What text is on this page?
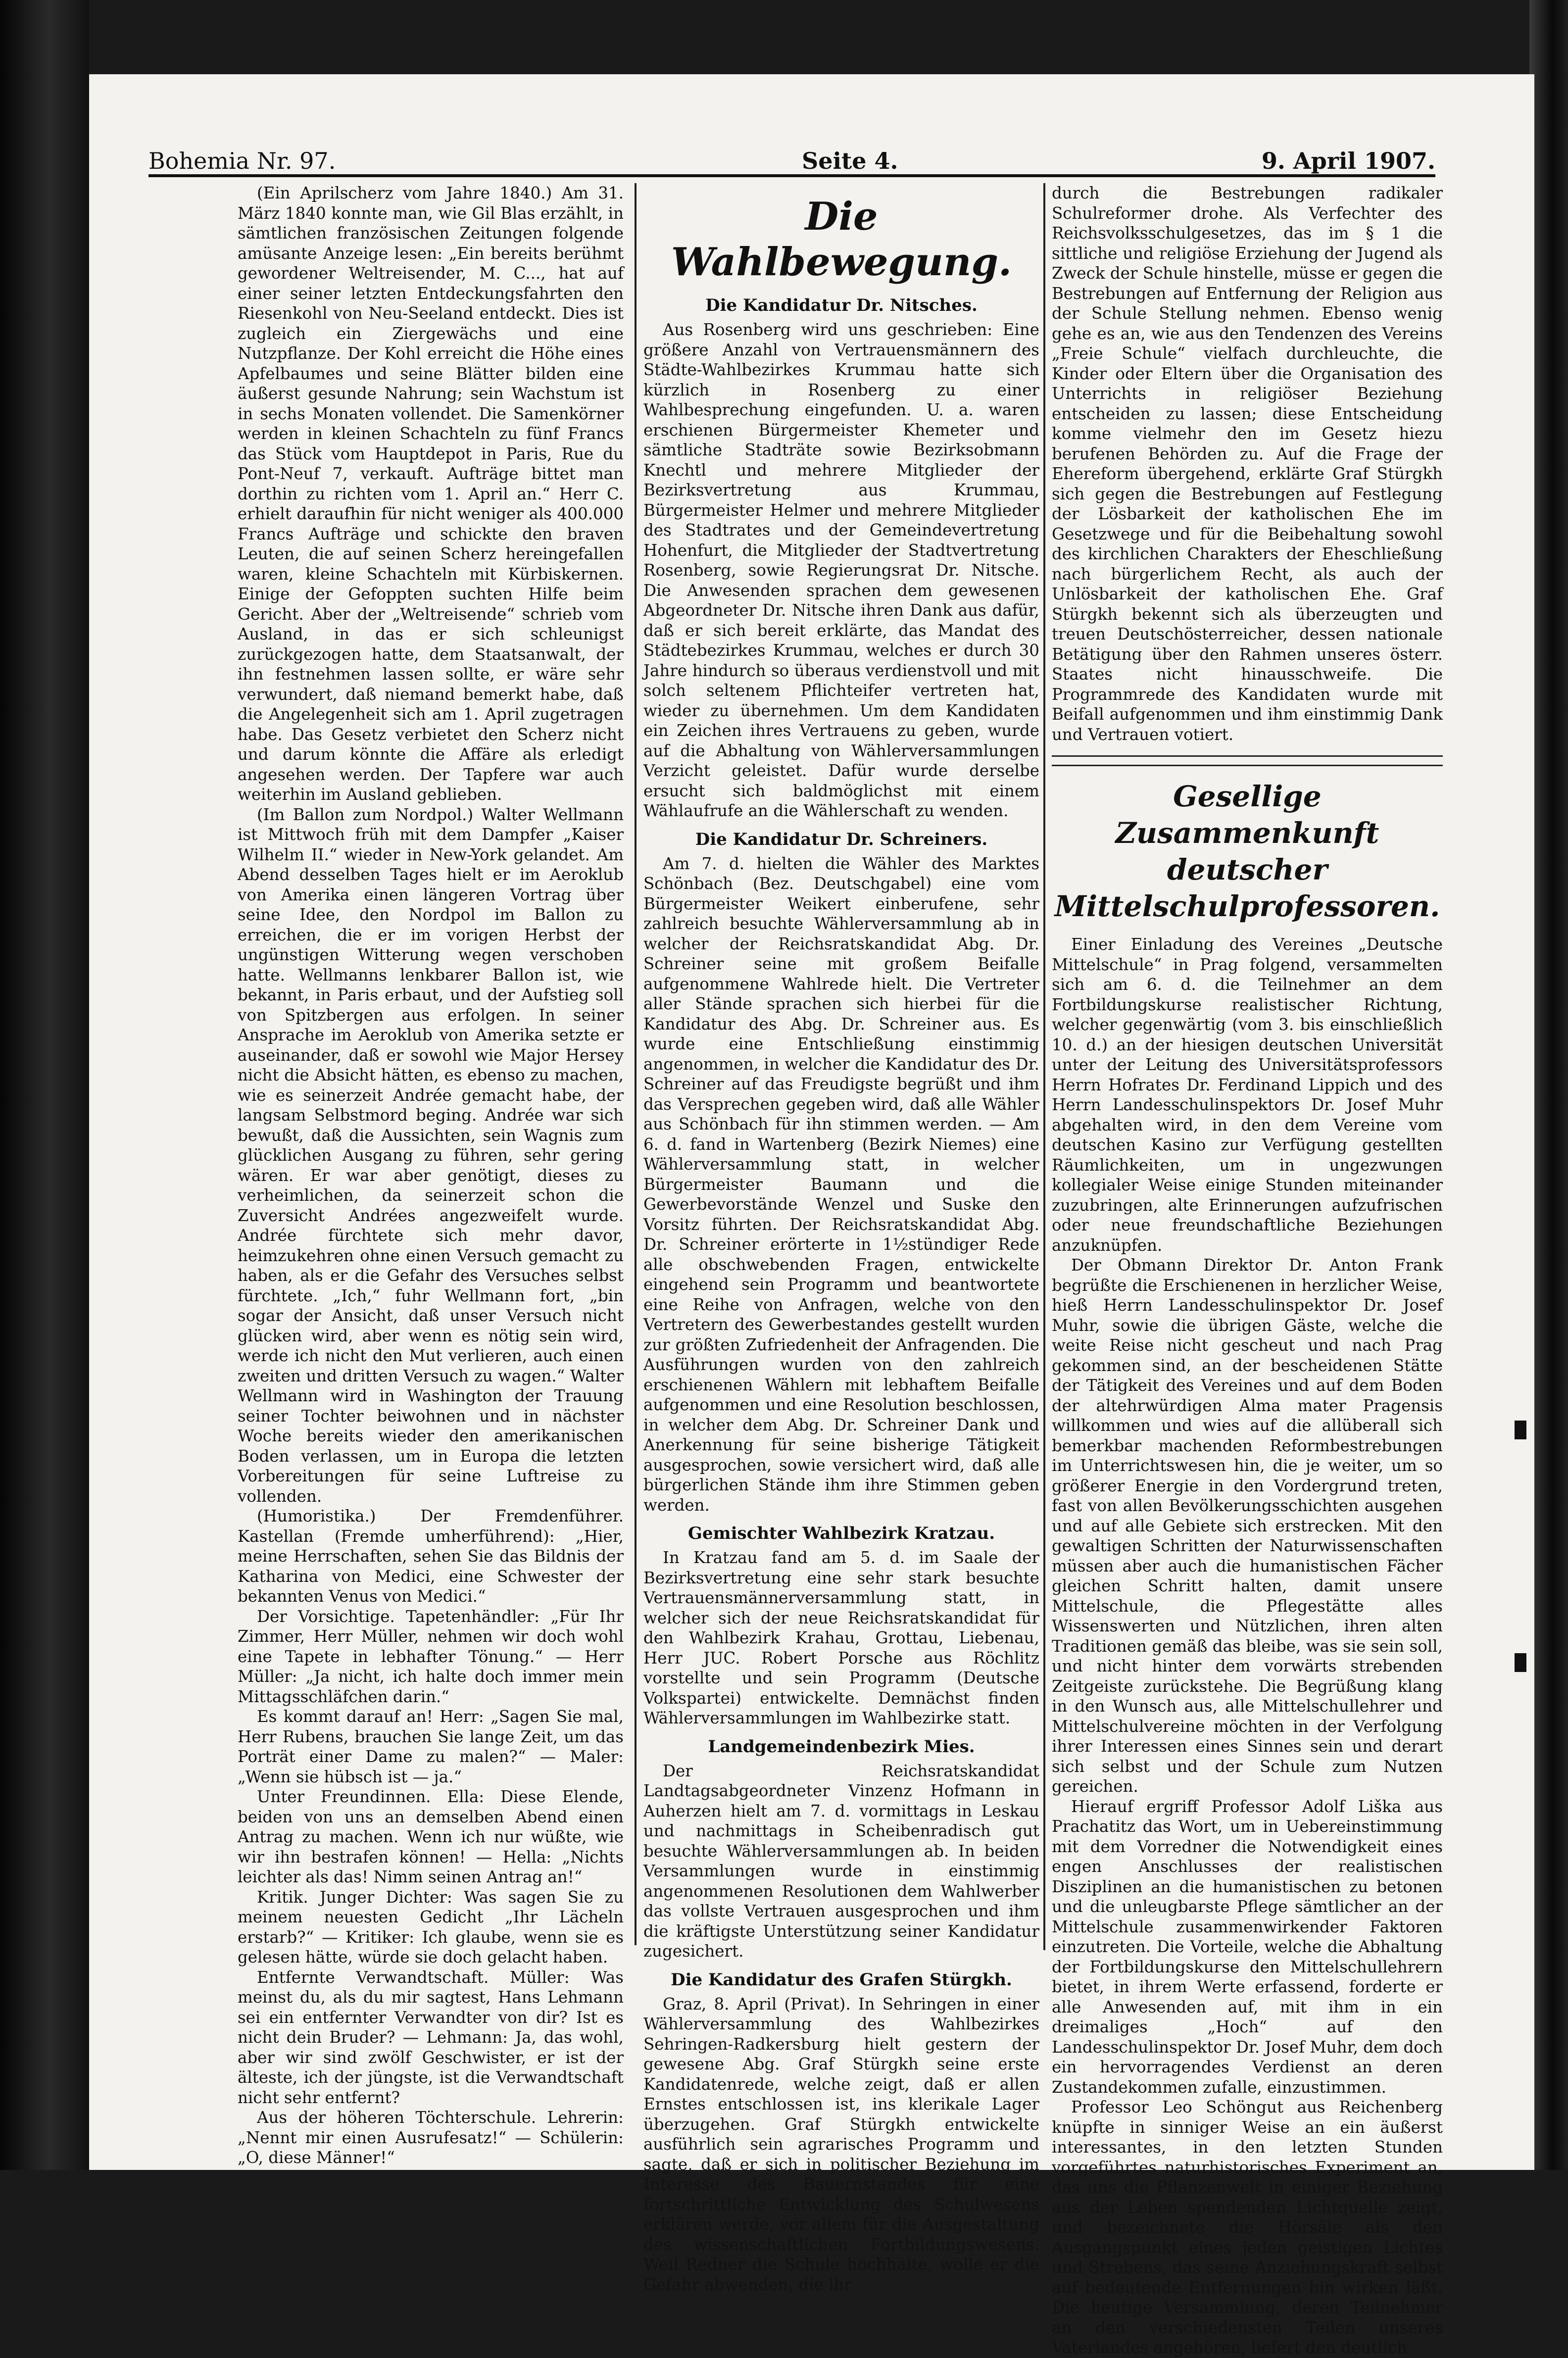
Bohemia Nr. 97.	Seite 4.	9. April 1907.

(Ein Aprilscherz vom Jahre 1840.) Am 31. März 1840 konnte man, wie Gil Blas erzählt, in sämtlichen französischen Zeitungen folgende amüsante Anzeige lesen: „Ein bereits berühmt gewordener Weltreisender, M. C..., hat auf einer seiner letzten Entdeckungsfahrten den Riesenkohl von Neu-Seeland entdeckt. Dies ist zugleich ein Ziergewächs und eine Nutzpflanze. Der Kohl erreicht die Höhe eines Apfelbaumes und seine Blätter bilden eine äußerst gesunde Nahrung; sein Wachstum ist in sechs Monaten vollendet. Die Samenkörner werden in kleinen Schachteln zu fünf Francs das Stück vom Hauptdepot in Paris, Rue du Pont-Neuf 7, verkauft. Aufträge bittet man dorthin zu richten vom 1. April an.“ Herr C. erhielt daraufhin für nicht weniger als 400.000 Francs Aufträge und schickte den braven Leuten, die auf seinen Scherz hereingefallen waren, kleine Schachteln mit Kürbiskernen. Einige der Gefoppten suchten Hilfe beim Gericht. Aber der „Weltreisende“ schrieb vom Ausland, in das er sich schleunigst zurückgezogen hatte, dem Staatsanwalt, der ihn festnehmen lassen sollte, er wäre sehr verwundert, daß niemand bemerkt habe, daß die Angelegenheit sich am 1. April zugetragen habe. Das Gesetz verbietet den Scherz nicht und darum könnte die Affäre als erledigt angesehen werden. Der Tapfere war auch weiterhin im Ausland geblieben.

(Im Ballon zum Nordpol.) Walter Wellmann ist Mittwoch früh mit dem Dampfer „Kaiser Wilhelm II.“ wieder in New-York gelandet. Am Abend desselben Tages hielt er im Aeroklub von Amerika einen längeren Vortrag über seine Idee, den Nordpol im Ballon zu erreichen, die er im vorigen Herbst der ungünstigen Witterung wegen verschoben hatte. Wellmanns lenkbarer Ballon ist, wie bekannt, in Paris erbaut, und der Aufstieg soll von Spitzbergen aus erfolgen. In seiner Ansprache im Aeroklub von Amerika setzte er auseinander, daß er sowohl wie Major Hersey nicht die Absicht hätten, es ebenso zu machen, wie es seinerzeit Andrée gemacht habe, der langsam Selbstmord beging. Andrée war sich bewußt, daß die Aussichten, sein Wagnis zum glücklichen Ausgang zu führen, sehr gering wären. Er war aber genötigt, dieses zu verheimlichen, da seinerzeit schon die Zuversicht Andrées angezweifelt wurde. Andrée fürchtete sich mehr davor, heimzukehren ohne einen Versuch gemacht zu haben, als er die Gefahr des Versuches selbst fürchtete. „Ich,“ fuhr Wellmann fort, „bin sogar der Ansicht, daß unser Versuch nicht glücken wird, aber wenn es nötig sein wird, werde ich nicht den Mut verlieren, auch einen zweiten und dritten Versuch zu wagen.“ Walter Wellmann wird in Washington der Trauung seiner Tochter beiwohnen und in nächster Woche bereits wieder den amerikanischen Boden verlassen, um in Europa die letzten Vorbereitungen für seine Luftreise zu vollenden.

(Humoristika.) Der Fremdenführer. Kastellan (Fremde umherführend): „Hier, meine Herrschaften, sehen Sie das Bildnis der Katharina von Medici, eine Schwester der bekannten Venus von Medici.“

Der Vorsichtige. Tapetenhändler: „Für Ihr Zimmer, Herr Müller, nehmen wir doch wohl eine Tapete in lebhafter Tönung.“ — Herr Müller: „Ja nicht, ich halte doch immer mein Mittagsschläfchen darin.“

Es kommt darauf an! Herr: „Sagen Sie mal, Herr Rubens, brauchen Sie lange Zeit, um das Porträt einer Dame zu malen?“ — Maler: „Wenn sie hübsch ist — ja.“

Unter Freundinnen. Ella: Diese Elende, beiden von uns an demselben Abend einen Antrag zu machen. Wenn ich nur wüßte, wie wir ihn bestrafen können! — Hella: „Nichts leichter als das! Nimm seinen Antrag an!“

Kritik. Junger Dichter: Was sagen Sie zu meinem neuesten Gedicht „Ihr Lächeln erstarb?“ — Kritiker: Ich glaube, wenn sie es gelesen hätte, würde sie doch gelacht haben.

Entfernte Verwandtschaft. Müller: Was meinst du, als du mir sagtest, Hans Lehmann sei ein entfernter Verwandter von dir? Ist es nicht dein Bruder? — Lehmann: Ja, das wohl, aber wir sind zwölf Geschwister, er ist der älteste, ich der jüngste, ist die Verwandtschaft nicht sehr entfernt?

Aus der höheren Töchterschule. Lehrerin: „Nennt mir einen Ausrufesatz!“ — Schülerin: „O, diese Männer!“

Die Wahlbewegung.
Die Kandidatur Dr. Nitsches.

Aus Rosenberg wird uns geschrieben: Eine größere Anzahl von Vertrauensmännern des Städte-Wahlbezirkes Krummau hatte sich kürzlich in Rosenberg zu einer Wahlbesprechung eingefunden. U. a. waren erschienen Bürgermeister Khemeter und sämtliche Stadträte sowie Bezirksobmann Knechtl und mehrere Mitglieder der Bezirksvertretung aus Krummau, Bürgermeister Helmer und mehrere Mitglieder des Stadtrates und der Gemeindevertretung Hohenfurt, die Mitglieder der Stadtvertretung Rosenberg, sowie Regierungsrat Dr. Nitsche. Die Anwesenden sprachen dem gewesenen Abgeordneter Dr. Nitsche ihren Dank aus dafür, daß er sich bereit erklärte, das Mandat des Städtebezirkes Krummau, welches er durch 30 Jahre hindurch so überaus verdienstvoll und mit solch seltenem Pflichteifer vertreten hat, wieder zu übernehmen. Um dem Kandidaten ein Zeichen ihres Vertrauens zu geben, wurde auf die Abhaltung von Wählerversammlungen Verzicht geleistet. Dafür wurde derselbe ersucht sich baldmöglichst mit einem Wählaufrufe an die Wählerschaft zu wenden.

Die Kandidatur Dr. Schreiners.

Am 7. d. hielten die Wähler des Marktes Schönbach (Bez. Deutschgabel) eine vom Bürgermeister Weikert einberufene, sehr zahlreich besuchte Wählerversammlung ab in welcher der Reichsratskandidat Abg. Dr. Schreiner seine mit großem Beifalle aufgenommene Wahlrede hielt. Die Vertreter aller Stände sprachen sich hierbei für die Kandidatur des Abg. Dr. Schreiner aus. Es wurde eine Entschließung einstimmig angenommen, in welcher die Kandidatur des Dr. Schreiner auf das Freudigste begrüßt und ihm das Versprechen gegeben wird, daß alle Wähler aus Schönbach für ihn stimmen werden. — Am 6. d. fand in Wartenberg (Bezirk Niemes) eine Wählerversammlung statt, in welcher Bürgermeister Baumann und die Gewerbevorstände Wenzel und Suske den Vorsitz führten. Der Reichsratskandidat Abg. Dr. Schreiner erörterte in 1½stündiger Rede alle obschwebenden Fragen, entwickelte eingehend sein Programm und beantwortete eine Reihe von Anfragen, welche von den Vertretern des Gewerbestandes gestellt wurden zur größten Zufriedenheit der Anfragenden. Die Ausführungen wurden von den zahlreich erschienenen Wählern mit lebhaftem Beifalle aufgenommen und eine Resolution beschlossen, in welcher dem Abg. Dr. Schreiner Dank und Anerkennung für seine bisherige Tätigkeit ausgesprochen, sowie versichert wird, daß alle bürgerlichen Stände ihm ihre Stimmen geben werden.

Gemischter Wahlbezirk Kratzau.

In Kratzau fand am 5. d. im Saale der Bezirksvertretung eine sehr stark besuchte Vertrauensmännerversammlung statt, in welcher sich der neue Reichsratskandidat für den Wahlbezirk Krahau, Grottau, Liebenau, Herr JUC. Robert Porsche aus Röchlitz vorstellte und sein Programm (Deutsche Volkspartei) entwickelte. Demnächst finden Wählerversammlungen im Wahlbezirke statt.

Landgemeindenbezirk Mies.

Der Reichsratskandidat Landtagsabgeordneter Vinzenz Hofmann in Auherzen hielt am 7. d. vormittags in Leskau und nachmittags in Scheibenradisch gut besuchte Wählerversammlungen ab. In beiden Versammlungen wurde in einstimmig angenommenen Resolutionen dem Wahlwerber das vollste Vertrauen ausgesprochen und ihm die kräftigste Unterstützung seiner Kandidatur zugesichert.

Die Kandidatur des Grafen Stürgkh.

Graz, 8. April (Privat). In Sehringen in einer Wählerversammlung des Wahlbezirkes Sehringen-Radkersburg hielt gestern der gewesene Abg. Graf Stürgkh seine erste Kandidatenrede, welche zeigt, daß er allen Ernstes entschlossen ist, ins klerikale Lager überzugehen. Graf Stürgkh entwickelte ausführlich sein agrarisches Programm und sagte, daß er sich in politischer Beziehung im Interesse des Bauernstandes für eine fortschrittliche Entwicklung des Schulwesens erklären werde, vor allem für die Ausgestaltung des wissenschaftlichen Fortbildungswesens. Weil Redner die Schule hochhalte, wolle er die Gefahr abwenden, die ihr

durch die Bestrebungen radikaler Schulreformer drohe. Als Verfechter des Reichsvolksschulgesetzes, das im § 1 die sittliche und religiöse Erziehung der Jugend als Zweck der Schule hinstelle, müsse er gegen die Bestrebungen auf Entfernung der Religion aus der Schule Stellung nehmen. Ebenso wenig gehe es an, wie aus den Tendenzen des Vereins „Freie Schule“ vielfach durchleuchte, die Kinder oder Eltern über die Organisation des Unterrichts in religiöser Beziehung entscheiden zu lassen; diese Entscheidung komme vielmehr den im Gesetz hiezu berufenen Behörden zu. Auf die Frage der Ehereform übergehend, erklärte Graf Stürgkh sich gegen die Bestrebungen auf Festlegung der Lösbarkeit der katholischen Ehe im Gesetzwege und für die Beibehaltung sowohl des kirchlichen Charakters der Eheschließung nach bürgerlichem Recht, als auch der Unlösbarkeit der katholischen Ehe. Graf Stürgkh bekennt sich als überzeugten und treuen Deutschösterreicher, dessen nationale Betätigung über den Rahmen unseres österr. Staates nicht hinausschweife. Die Programmrede des Kandidaten wurde mit Beifall aufgenommen und ihm einstimmig Dank und Vertrauen votiert.

Gesellige Zusammenkunft deutscher Mittelschulprofessoren.

Einer Einladung des Vereines „Deutsche Mittelschule“ in Prag folgend, versammelten sich am 6. d. die Teilnehmer an dem Fortbildungskurse realistischer Richtung, welcher gegenwärtig (vom 3. bis einschließlich 10. d.) an der hiesigen deutschen Universität unter der Leitung des Universitätsprofessors Herrn Hofrates Dr. Ferdinand Lippich und des Herrn Landesschulinspektors Dr. Josef Muhr abgehalten wird, in den dem Vereine vom deutschen Kasino zur Verfügung gestellten Räumlichkeiten, um in ungezwungen kollegialer Weise einige Stunden miteinander zuzubringen, alte Erinnerungen aufzufrischen oder neue freundschaftliche Beziehungen anzuknüpfen.

Der Obmann Direktor Dr. Anton Frank begrüßte die Erschienenen in herzlicher Weise, hieß Herrn Landesschulinspektor Dr. Josef Muhr, sowie die übrigen Gäste, welche die weite Reise nicht gescheut und nach Prag gekommen sind, an der bescheidenen Stätte der Tätigkeit des Vereines und auf dem Boden der altehrwürdigen Alma mater Pragensis willkommen und wies auf die allüberall sich bemerkbar machenden Reformbestrebungen im Unterrichtswesen hin, die je weiter, um so größerer Energie in den Vordergrund treten, fast von allen Bevölkerungsschichten ausgehen und auf alle Gebiete sich erstrecken. Mit den gewaltigen Schritten der Naturwissenschaften müssen aber auch die humanistischen Fächer gleichen Schritt halten, damit unsere Mittelschule, die Pflegestätte alles Wissenswerten und Nützlichen, ihren alten Traditionen gemäß das bleibe, was sie sein soll, und nicht hinter dem vorwärts strebenden Zeitgeiste zurückstehe. Die Begrüßung klang in den Wunsch aus, alle Mittelschullehrer und Mittelschulvereine möchten in der Verfolgung ihrer Interessen eines Sinnes sein und derart sich selbst und der Schule zum Nutzen gereichen.

Hierauf ergriff Professor Adolf Liška aus Prachatitz das Wort, um in Uebereinstimmung mit dem Vorredner die Notwendigkeit eines engen Anschlusses der realistischen Disziplinen an die humanistischen zu betonen und die unleugbarste Pflege sämtlicher an der Mittelschule zusammenwirkender Faktoren einzutreten. Die Vorteile, welche die Abhaltung der Fortbildungskurse den Mittelschullehrern bietet, in ihrem Werte erfassend, forderte er alle Anwesenden auf, mit ihm in ein dreimaliges „Hoch“ auf den Landesschulinspektor Dr. Josef Muhr, dem doch ein hervorragendes Verdienst an deren Zustandekommen zufalle, einzustimmen.

Professor Leo Schöngut aus Reichenberg knüpfte in sinniger Weise an ein äußerst interessantes, in den letzten Stunden vorgeführtes naturhistorisches Experiment an, das uns die Pflanzenwelt in einiger Beziehung aus der Leben spendenden Lichtquelle zeigt, und bezeichnete die Hörsäle als den Ausgangspunkt eines jeden geistigen Lichtes und Strebens, das seine Anziehungskraft selbst auf bedeutende Entfernungen hin wirken läßt. Die heutige Versammlung, deren Teilnehmer an den verschiedensten Teilen unseres Vaterlandes angehören, liefert den deutlich
